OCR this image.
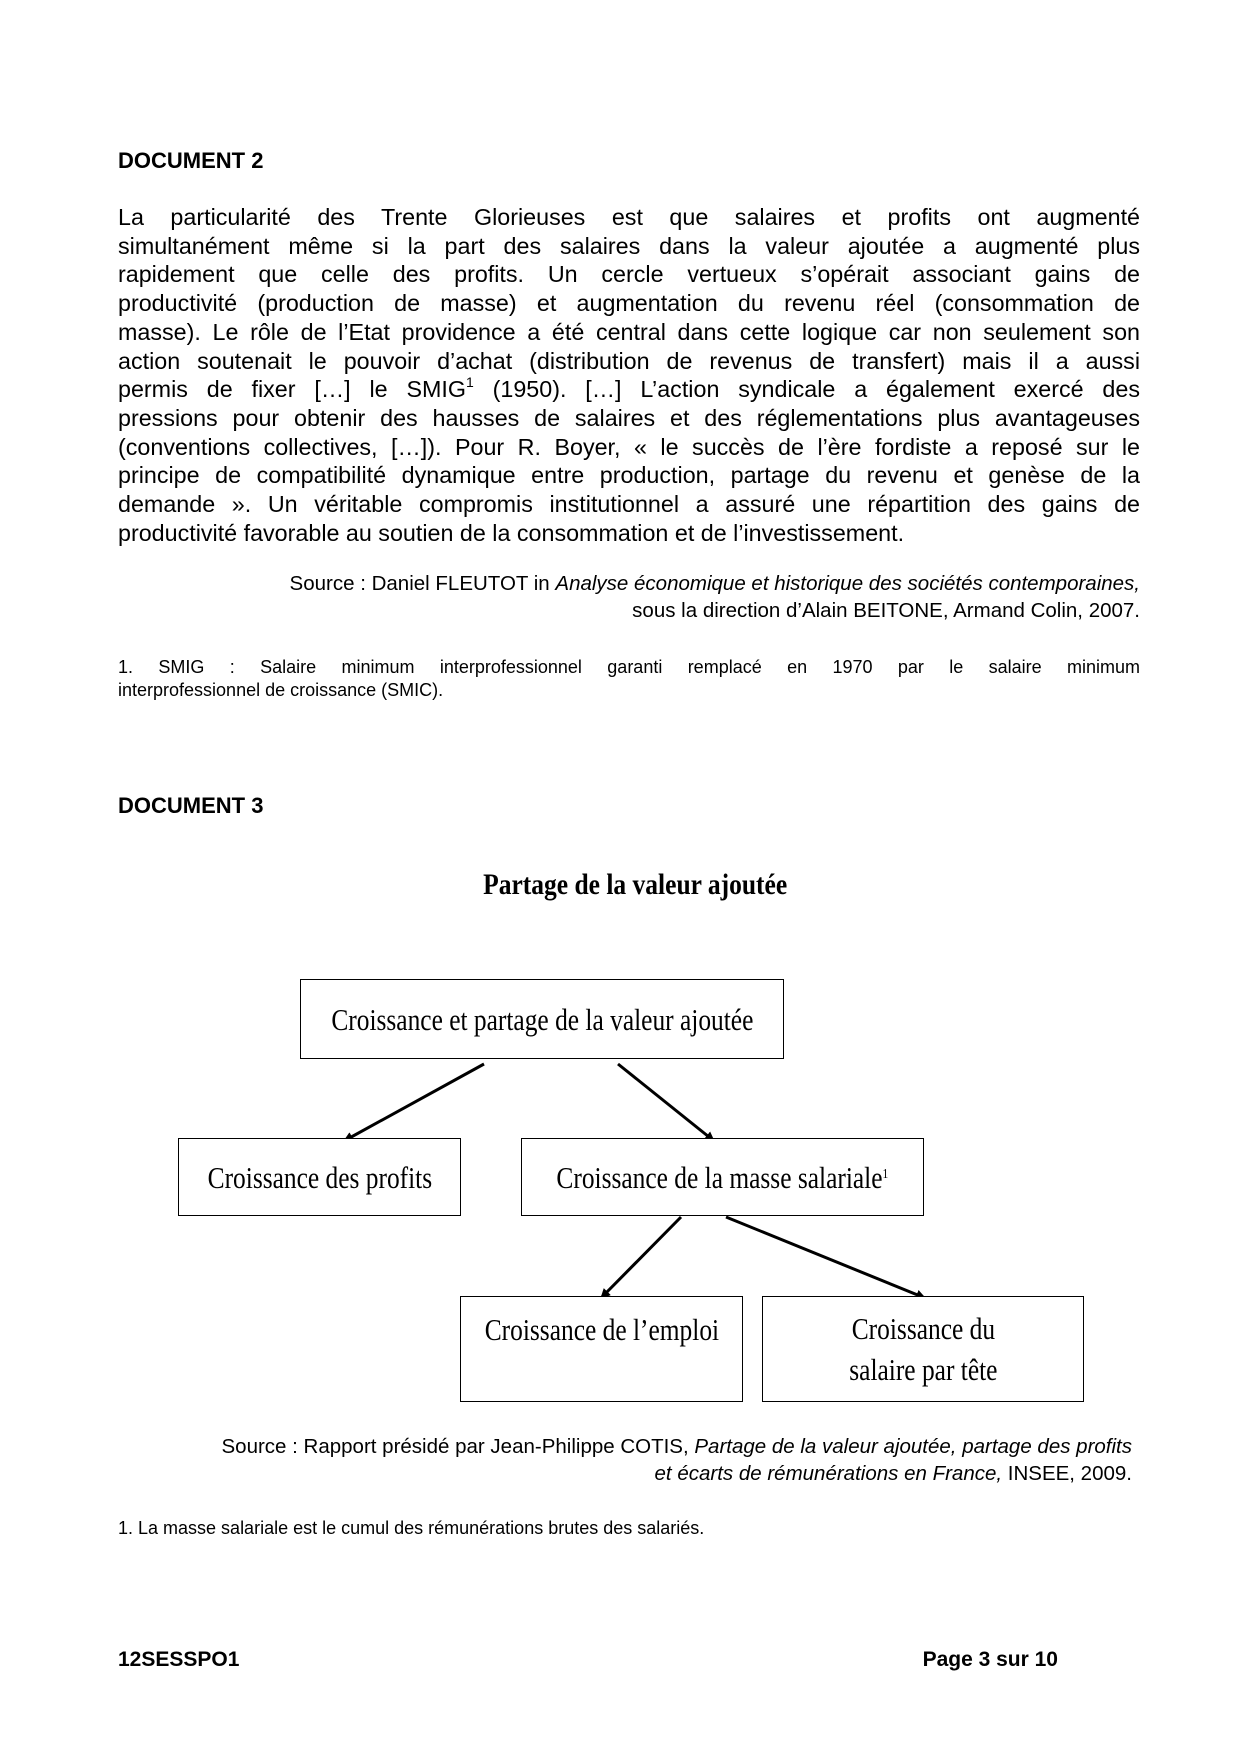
DOCUMENT 2
La particularité des Trente Glorieuses est que salaires et profits ont augmenté
simultanément même si la part des salaires dans la valeur ajoutée a augmenté plus
rapidement que celle des profits. Un cercle vertueux s’opérait associant gains de
productivité (production de masse) et augmentation du revenu réel (consommation de
masse). Le rôle de l’Etat providence a été central dans cette logique car non seulement son
action soutenait le pouvoir d’achat (distribution de revenus de transfert) mais il a aussi
permis de fixer […] le SMIG$^1$ (1950). […] L’action syndicale a également exercé des
pressions pour obtenir des hausses de salaires et des réglementations plus avantageuses
(conventions collectives, […]). Pour R. Boyer, « le succès de l’ère fordiste a reposé sur le
principe de compatibilité dynamique entre production, partage du revenu et genèse de la
demande ». Un véritable compromis institutionnel a assuré une répartition des gains de
productivité favorable au soutien de la consommation et de l’investissement.
Source : Daniel FLEUTOT in Analyse économique et historique des sociétés contemporaines,
sous la direction d’Alain BEITONE, Armand Colin, 2007.
1. SMIG : Salaire minimum interprofessionnel garanti remplacé en 1970 par le salaire minimum
interprofessionnel de croissance (SMIC).
DOCUMENT 3
Partage de la valeur ajoutée
Croissance et partage de la valeur ajoutée
Croissance des profits	Croissance de la masse salariale$^1$
Croissance de l’emploi	Croissance du
salaire par tête
Source : Rapport présidé par Jean-Philippe COTIS, Partage de la valeur ajoutée, partage des profits
et écarts de rémunérations en France, INSEE, 2009.
1. La masse salariale est le cumul des rémunérations brutes des salariés.
12SESSPO1	Page 3 sur 10
